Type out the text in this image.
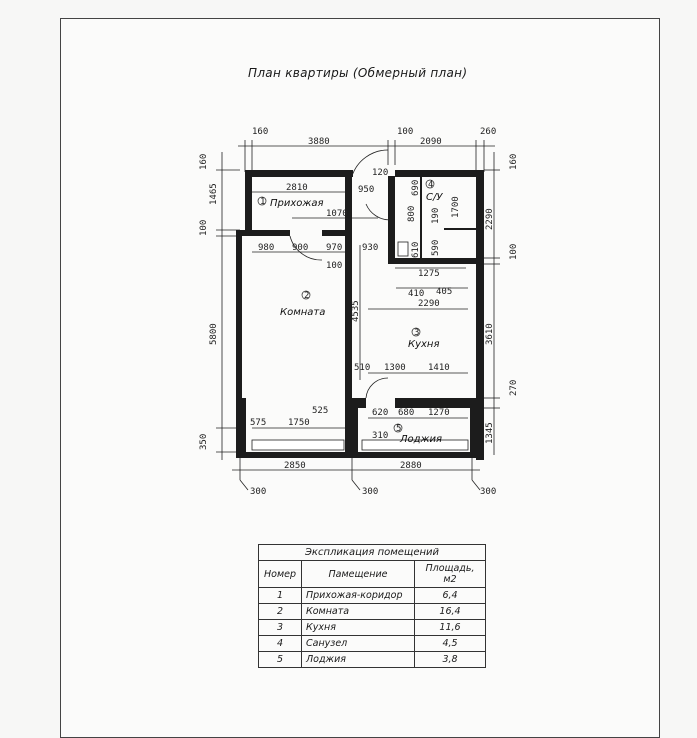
План квартиры (Обмерный план)
160
3880
100
2090
260
160
1465
100
5800
350
160
2290
100
3610
270
1345
2850	2880
300	300	300
2810
120
950
1070	800
690
190 1700
610 590
980 900 970 930
100
4535
1275
410 405
2290
510 1300 1410
620 680 1270
310
575 1750
525
1 Прихожая
2
Комната
3
Кухня
4
С/У
5
Лоджия
Экспликация помещений		
Номер	Памещение	Площадь, м2
1	Прихожая-коридор	6,4
2	Комната	16,4
3	Кухня	11,6
4	Санузел	4,5
5	Лоджия	3,8
